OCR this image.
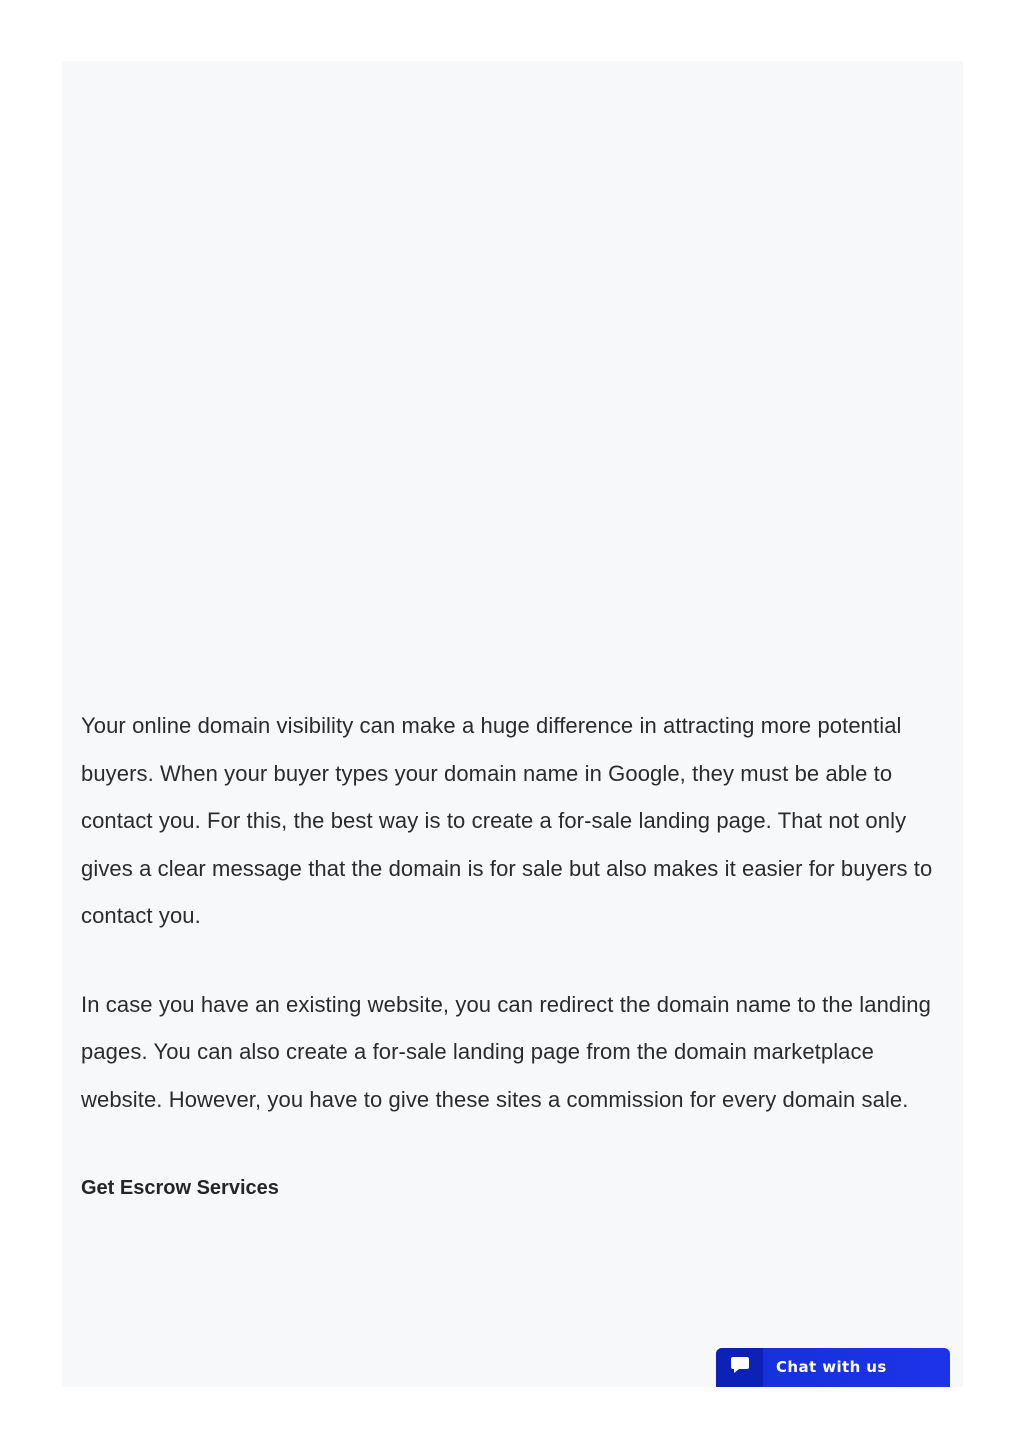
Your online domain visibility can make a huge difference in attracting more potential buyers. When your buyer types your domain name in Google, they must be able to contact you. For this, the best way is to create a for-sale landing page. That not only gives a clear message that the domain is for sale but also makes it easier for buyers to contact you.

In case you have an existing website, you can redirect the domain name to the landing pages. You can also create a for-sale landing page from the domain marketplace website. However, you have to give these sites a commission for every domain sale.

Get Escrow Services
Chat with us
